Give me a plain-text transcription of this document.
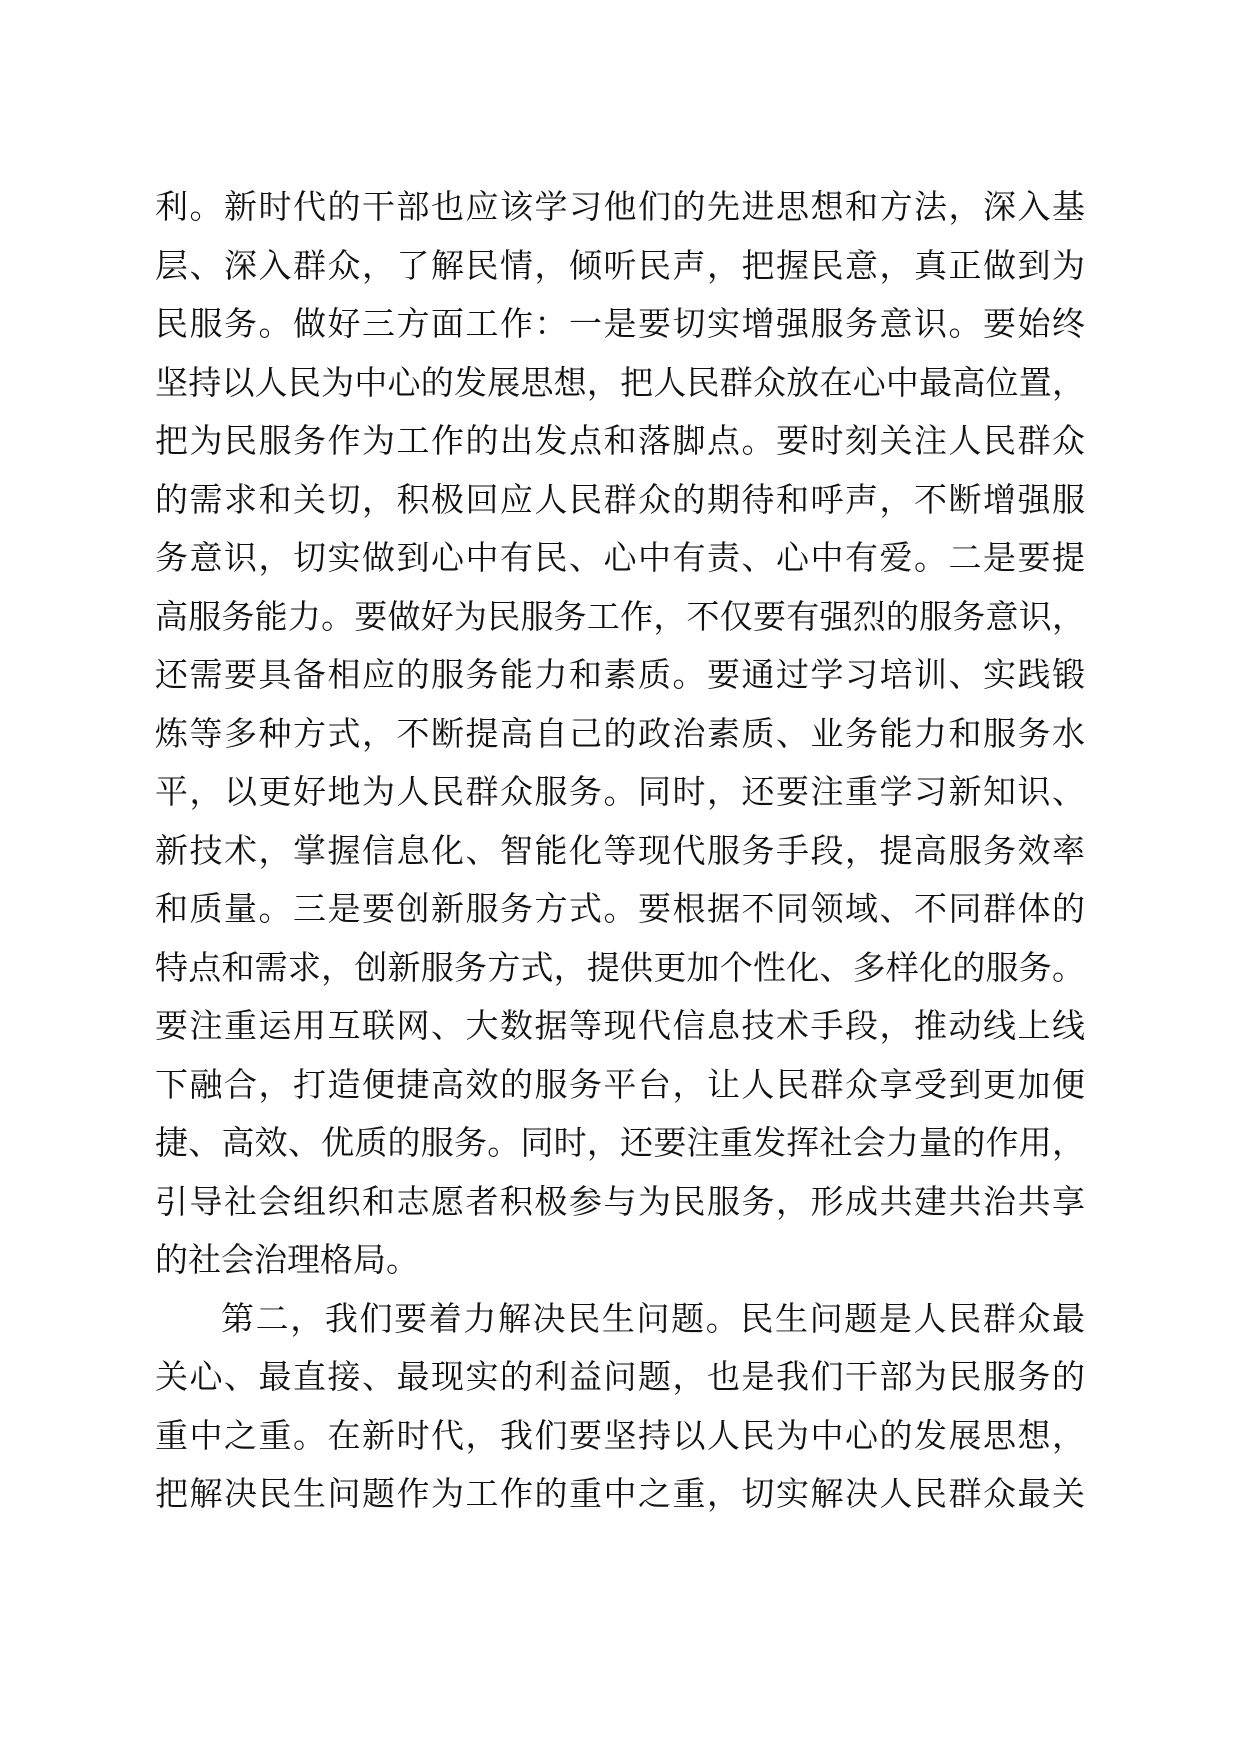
利。新时代的干部也应该学习他们的先进思想和方法，深入基
层、深入群众，了解民情，倾听民声，把握民意，真正做到为
民服务。做好三方面工作：一是要切实增强服务意识。要始终
坚持以人民为中心的发展思想，把人民群众放在心中最高位置，
把为民服务作为工作的出发点和落脚点。要时刻关注人民群众
的需求和关切，积极回应人民群众的期待和呼声，不断增强服
务意识，切实做到心中有民、心中有责、心中有爱。二是要提
高服务能力。要做好为民服务工作，不仅要有强烈的服务意识，
还需要具备相应的服务能力和素质。要通过学习培训、实践锻
炼等多种方式，不断提高自己的政治素质、业务能力和服务水
平，以更好地为人民群众服务。同时，还要注重学习新知识、
新技术，掌握信息化、智能化等现代服务手段，提高服务效率
和质量。三是要创新服务方式。要根据不同领域、不同群体的
特点和需求，创新服务方式，提供更加个性化、多样化的服务。
要注重运用互联网、大数据等现代信息技术手段，推动线上线
下融合，打造便捷高效的服务平台，让人民群众享受到更加便
捷、高效、优质的服务。同时，还要注重发挥社会力量的作用，
引导社会组织和志愿者积极参与为民服务，形成共建共治共享
的社会治理格局。
第二，我们要着力解决民生问题。民生问题是人民群众最
关心、最直接、最现实的利益问题，也是我们干部为民服务的
重中之重。在新时代，我们要坚持以人民为中心的发展思想，
把解决民生问题作为工作的重中之重，切实解决人民群众最关
